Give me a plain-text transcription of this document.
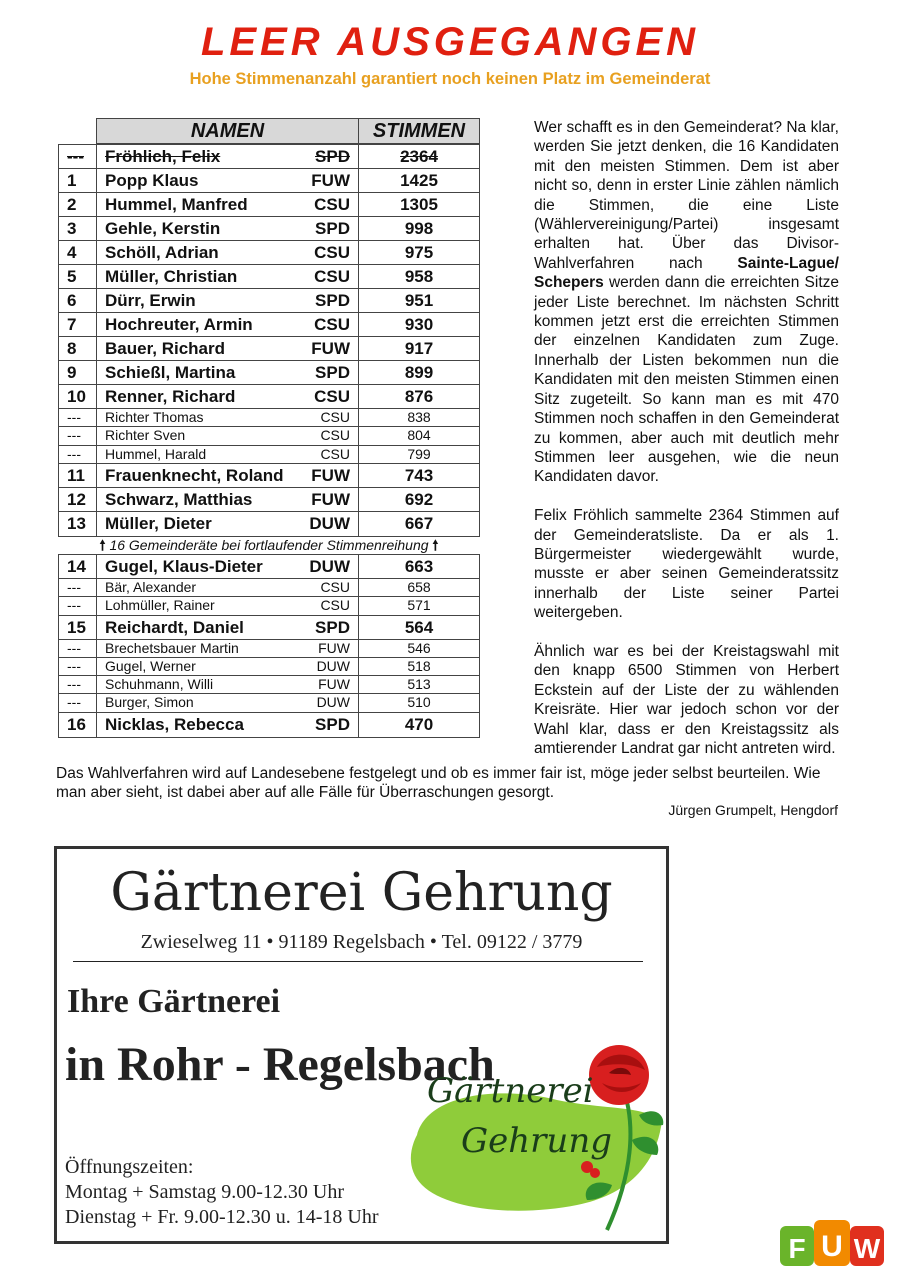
LEER AUSGEGANGEN
Hohe Stimmenanzahl garantiert noch keinen Platz im Gemeinderat
NAMEN	STIMMEN
---	Fröhlich, Felix	SPD	2364
1	Popp Klaus	FUW	1425
2	Hummel, Manfred	CSU	1305
3	Gehle, Kerstin	SPD	998
4	Schöll, Adrian	CSU	975
5	Müller, Christian	CSU	958
6	Dürr, Erwin	SPD	951
7	Hochreuter, Armin	CSU	930
8	Bauer, Richard	FUW	917
9	Schießl, Martina	SPD	899
10	Renner, Richard	CSU	876
---	Richter Thomas	CSU	838
---	Richter Sven	CSU	804
---	Hummel, Harald	CSU	799
11	Frauenknecht, Roland	FUW	743
12	Schwarz, Matthias	FUW	692
13	Müller, Dieter	DUW	667
🠕 16 Gemeinderäte bei fortlaufender Stimmenreihung 🠕
14	Gugel, Klaus-Dieter	DUW	663
---	Bär, Alexander	CSU	658
---	Lohmüller, Rainer	CSU	571
15	Reichardt, Daniel	SPD	564
---	Brechetsbauer Martin	FUW	546
---	Gugel, Werner	DUW	518
---	Schuhmann, Willi	FUW	513
---	Burger, Simon	DUW	510
16	Nicklas, Rebecca	SPD	470

Wer schafft es in den Gemeinderat? Na klar, werden Sie jetzt denken, die 16 Kandidaten mit den meisten Stimmen. Dem ist aber nicht so, denn in erster Linie zählen nämlich die Stimmen, die eine Liste (Wählervereinigung/Partei) insgesamt erhalten hat. Über das Divisor-Wahlverfahren nach Sainte-Lague/ Schepers werden dann die erreichten Sitze jeder Liste berechnet. Im nächsten Schritt kommen jetzt erst die erreichten Stimmen der einzelnen Kandidaten zum Zuge. Innerhalb der Listen bekommen nun die Kandidaten mit den meisten Stimmen einen Sitz zugeteilt. So kann man es mit 470 Stimmen noch schaffen in den Gemeinderat zu kommen, aber auch mit deutlich mehr Stimmen leer ausgehen, wie die neun Kandidaten davor.

Felix Fröhlich sammelte 2364 Stimmen auf der Gemeinderatsliste. Da er als 1. Bürgermeister wiedergewählt wurde, musste er aber seinen Gemeinderatssitz innerhalb der Liste seiner Partei weitergeben.

Ähnlich war es bei der Kreistagswahl mit den knapp 6500 Stimmen von Herbert Eckstein auf der Liste der zu wählenden Kreisräte. Hier war jedoch schon vor der Wahl klar, dass er den Kreistagssitz als amtierender Landrat gar nicht antreten wird.

Das Wahlverfahren wird auf Landesebene festgelegt und ob es immer fair ist, möge jeder selbst beurteilen. Wie man aber sieht, ist dabei aber auf alle Fälle für Überraschungen gesorgt.
Jürgen Grumpelt, Hengdorf
Gärtnerei Gehrung
Zwieselweg 11 • 91189 Regelsbach • Tel. 09122 / 3779
Ihre Gärtnerei
in Rohr - Regelsbach
Öffnungszeiten:
Montag + Samstag 9.00-12.30 Uhr
Dienstag + Fr. 9.00-12.30 u. 14-18 Uhr
Gärtnerei
Gehrung
F U W
